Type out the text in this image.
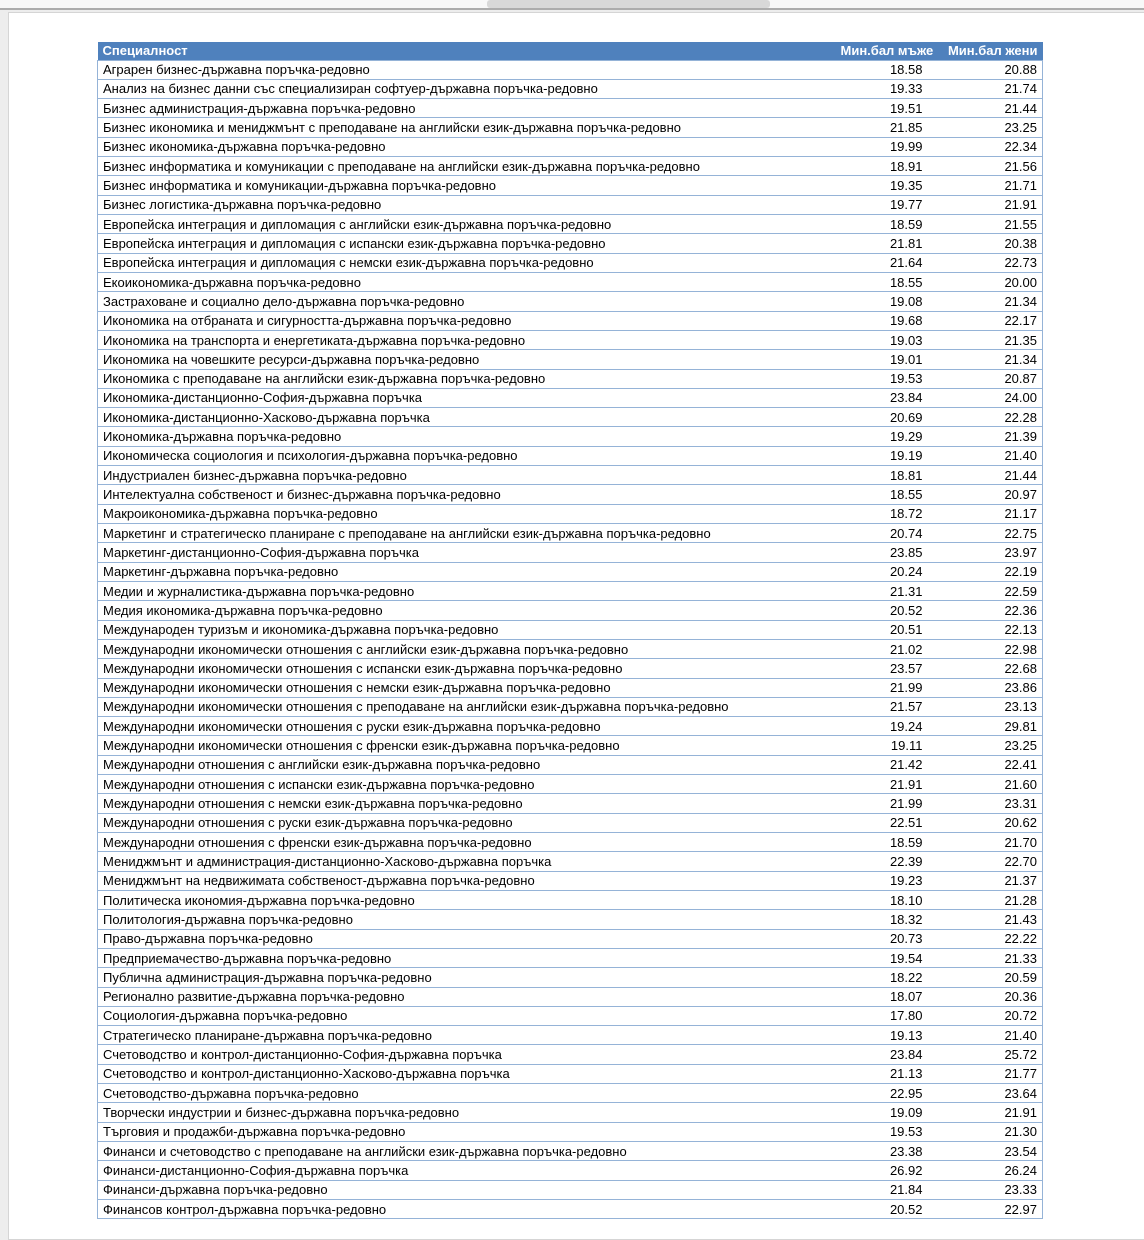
Специалност	Мин.бал мъже	Мин.бал жени
Аграрен бизнес-държавна поръчка-редовно	18.58	20.88
Анализ на бизнес данни със специализиран софтуер-държавна поръчка-редовно	19.33	21.74
Бизнес администрация-държавна поръчка-редовно	19.51	21.44
Бизнес икономика и мениджмънт с преподаване на английски език-държавна поръчка-редовно	21.85	23.25
Бизнес икономика-държавна поръчка-редовно	19.99	22.34
Бизнес информатика и комуникации с преподаване на английски език-държавна поръчка-редовно	18.91	21.56
Бизнес информатика и комуникации-държавна поръчка-редовно	19.35	21.71
Бизнес логистика-държавна поръчка-редовно	19.77	21.91
Европейска интеграция и дипломация с английски език-държавна поръчка-редовно	18.59	21.55
Европейска интеграция и дипломация с испански език-държавна поръчка-редовно	21.81	20.38
Европейска интеграция и дипломация с немски език-държавна поръчка-редовно	21.64	22.73
Екоикономика-държавна поръчка-редовно	18.55	20.00
Застраховане и социално дело-държавна поръчка-редовно	19.08	21.34
Икономика на отбраната и сигурността-държавна поръчка-редовно	19.68	22.17
Икономика на транспорта и енергетиката-държавна поръчка-редовно	19.03	21.35
Икономика на човешките ресурси-държавна поръчка-редовно	19.01	21.34
Икономика с преподаване на английски език-държавна поръчка-редовно	19.53	20.87
Икономика-дистанционно-София-държавна поръчка	23.84	24.00
Икономика-дистанционно-Хасково-държавна поръчка	20.69	22.28
Икономика-държавна поръчка-редовно	19.29	21.39
Икономическа социология и психология-държавна поръчка-редовно	19.19	21.40
Индустриален бизнес-държавна поръчка-редовно	18.81	21.44
Интелектуална собственост и бизнес-държавна поръчка-редовно	18.55	20.97
Макроикономика-държавна поръчка-редовно	18.72	21.17
Маркетинг и стратегическо планиране с преподаване на английски език-държавна поръчка-редовно	20.74	22.75
Маркетинг-дистанционно-София-държавна поръчка	23.85	23.97
Маркетинг-държавна поръчка-редовно	20.24	22.19
Медии и журналистика-държавна поръчка-редовно	21.31	22.59
Медия икономика-държавна поръчка-редовно	20.52	22.36
Международен туризъм и икономика-държавна поръчка-редовно	20.51	22.13
Международни икономически отношения с английски език-държавна поръчка-редовно	21.02	22.98
Международни икономически отношения с испански език-държавна поръчка-редовно	23.57	22.68
Международни икономически отношения с немски език-държавна поръчка-редовно	21.99	23.86
Международни икономически отношения с преподаване на английски език-държавна поръчка-редовно	21.57	23.13
Международни икономически отношения с руски език-държавна поръчка-редовно	19.24	29.81
Международни икономически отношения с френски език-държавна поръчка-редовно	19.11	23.25
Международни отношения с английски език-държавна поръчка-редовно	21.42	22.41
Международни отношения с испански език-държавна поръчка-редовно	21.91	21.60
Международни отношения с немски език-държавна поръчка-редовно	21.99	23.31
Международни отношения с руски език-държавна поръчка-редовно	22.51	20.62
Международни отношения с френски език-държавна поръчка-редовно	18.59	21.70
Мениджмънт и администрация-дистанционно-Хасково-държавна поръчка	22.39	22.70
Мениджмънт на недвижимата собственост-държавна поръчка-редовно	19.23	21.37
Политическа икономия-държавна поръчка-редовно	18.10	21.28
Политология-държавна поръчка-редовно	18.32	21.43
Право-държавна поръчка-редовно	20.73	22.22
Предприемачество-държавна поръчка-редовно	19.54	21.33
Публична администрация-държавна поръчка-редовно	18.22	20.59
Регионално развитие-държавна поръчка-редовно	18.07	20.36
Социология-държавна поръчка-редовно	17.80	20.72
Стратегическо планиране-държавна поръчка-редовно	19.13	21.40
Счетоводство и контрол-дистанционно-София-държавна поръчка	23.84	25.72
Счетоводство и контрол-дистанционно-Хасково-държавна поръчка	21.13	21.77
Счетоводство-държавна поръчка-редовно	22.95	23.64
Творчески индустрии и бизнес-държавна поръчка-редовно	19.09	21.91
Търговия и продажби-държавна поръчка-редовно	19.53	21.30
Финанси и счетоводство с преподаване на английски език-държавна поръчка-редовно	23.38	23.54
Финанси-дистанционно-София-държавна поръчка	26.92	26.24
Финанси-държавна поръчка-редовно	21.84	23.33
Финансов контрол-държавна поръчка-редовно	20.52	22.97
